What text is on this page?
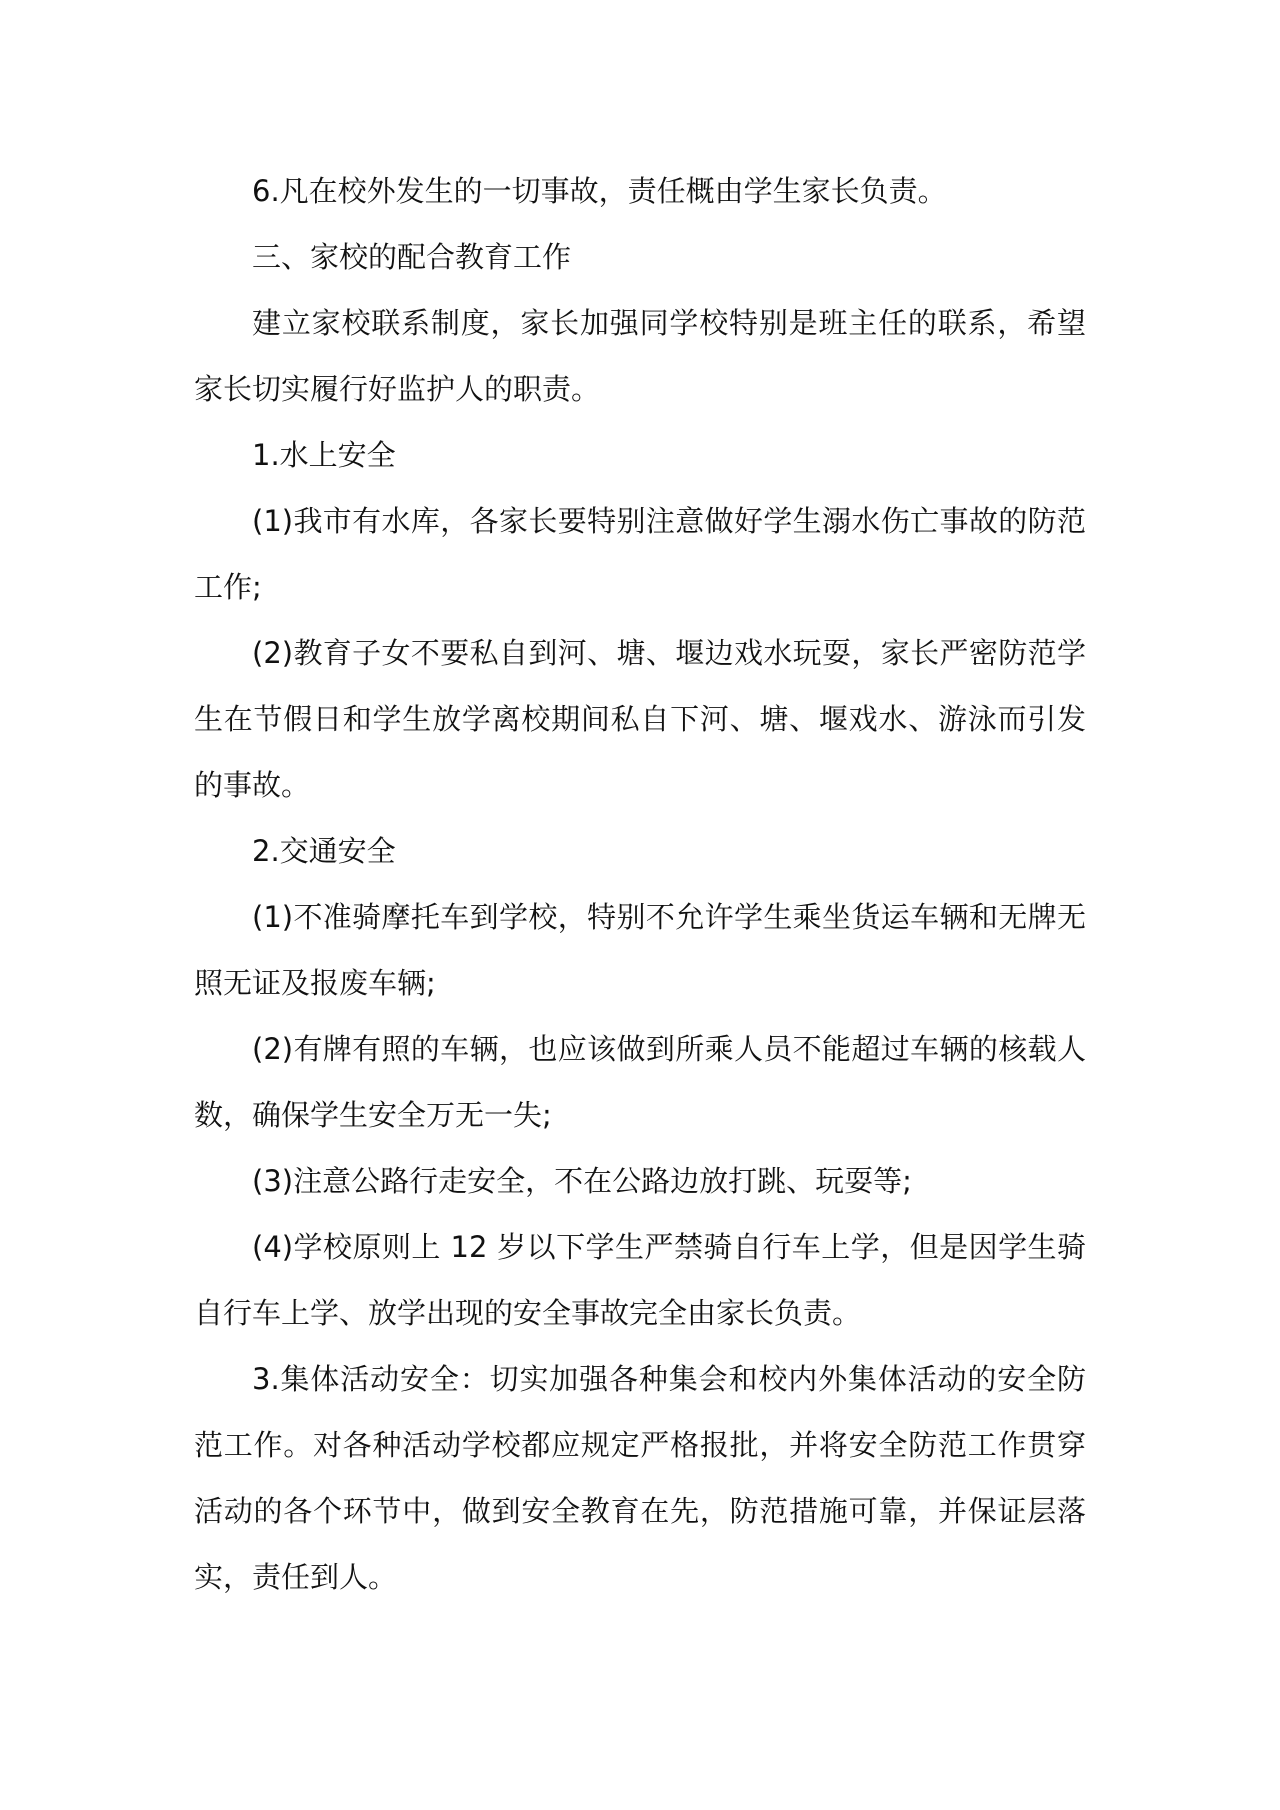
6.凡在校外发生的一切事故，责任概由学生家长负责。

三、家校的配合教育工作

建立家校联系制度，家长加强同学校特别是班主任的联系，希望家长切实履行好监护人的职责。

1.水上安全

(1)我市有水库，各家长要特别注意做好学生溺水伤亡事故的防范工作;

(2)教育子女不要私自到河、塘、堰边戏水玩耍，家长严密防范学生在节假日和学生放学离校期间私自下河、塘、堰戏水、游泳而引发的事故。

2.交通安全

(1)不准骑摩托车到学校，特别不允许学生乘坐货运车辆和无牌无照无证及报废车辆;

(2)有牌有照的车辆，也应该做到所乘人员不能超过车辆的核载人数，确保学生安全万无一失;

(3)注意公路行走安全，不在公路边放打跳、玩耍等;

(4)学校原则上 12 岁以下学生严禁骑自行车上学，但是因学生骑自行车上学、放学出现的安全事故完全由家长负责。

3.集体活动安全：切实加强各种集会和校内外集体活动的安全防范工作。对各种活动学校都应规定严格报批，并将安全防范工作贯穿活动的各个环节中，做到安全教育在先，防范措施可靠，并保证层落实，责任到人。
